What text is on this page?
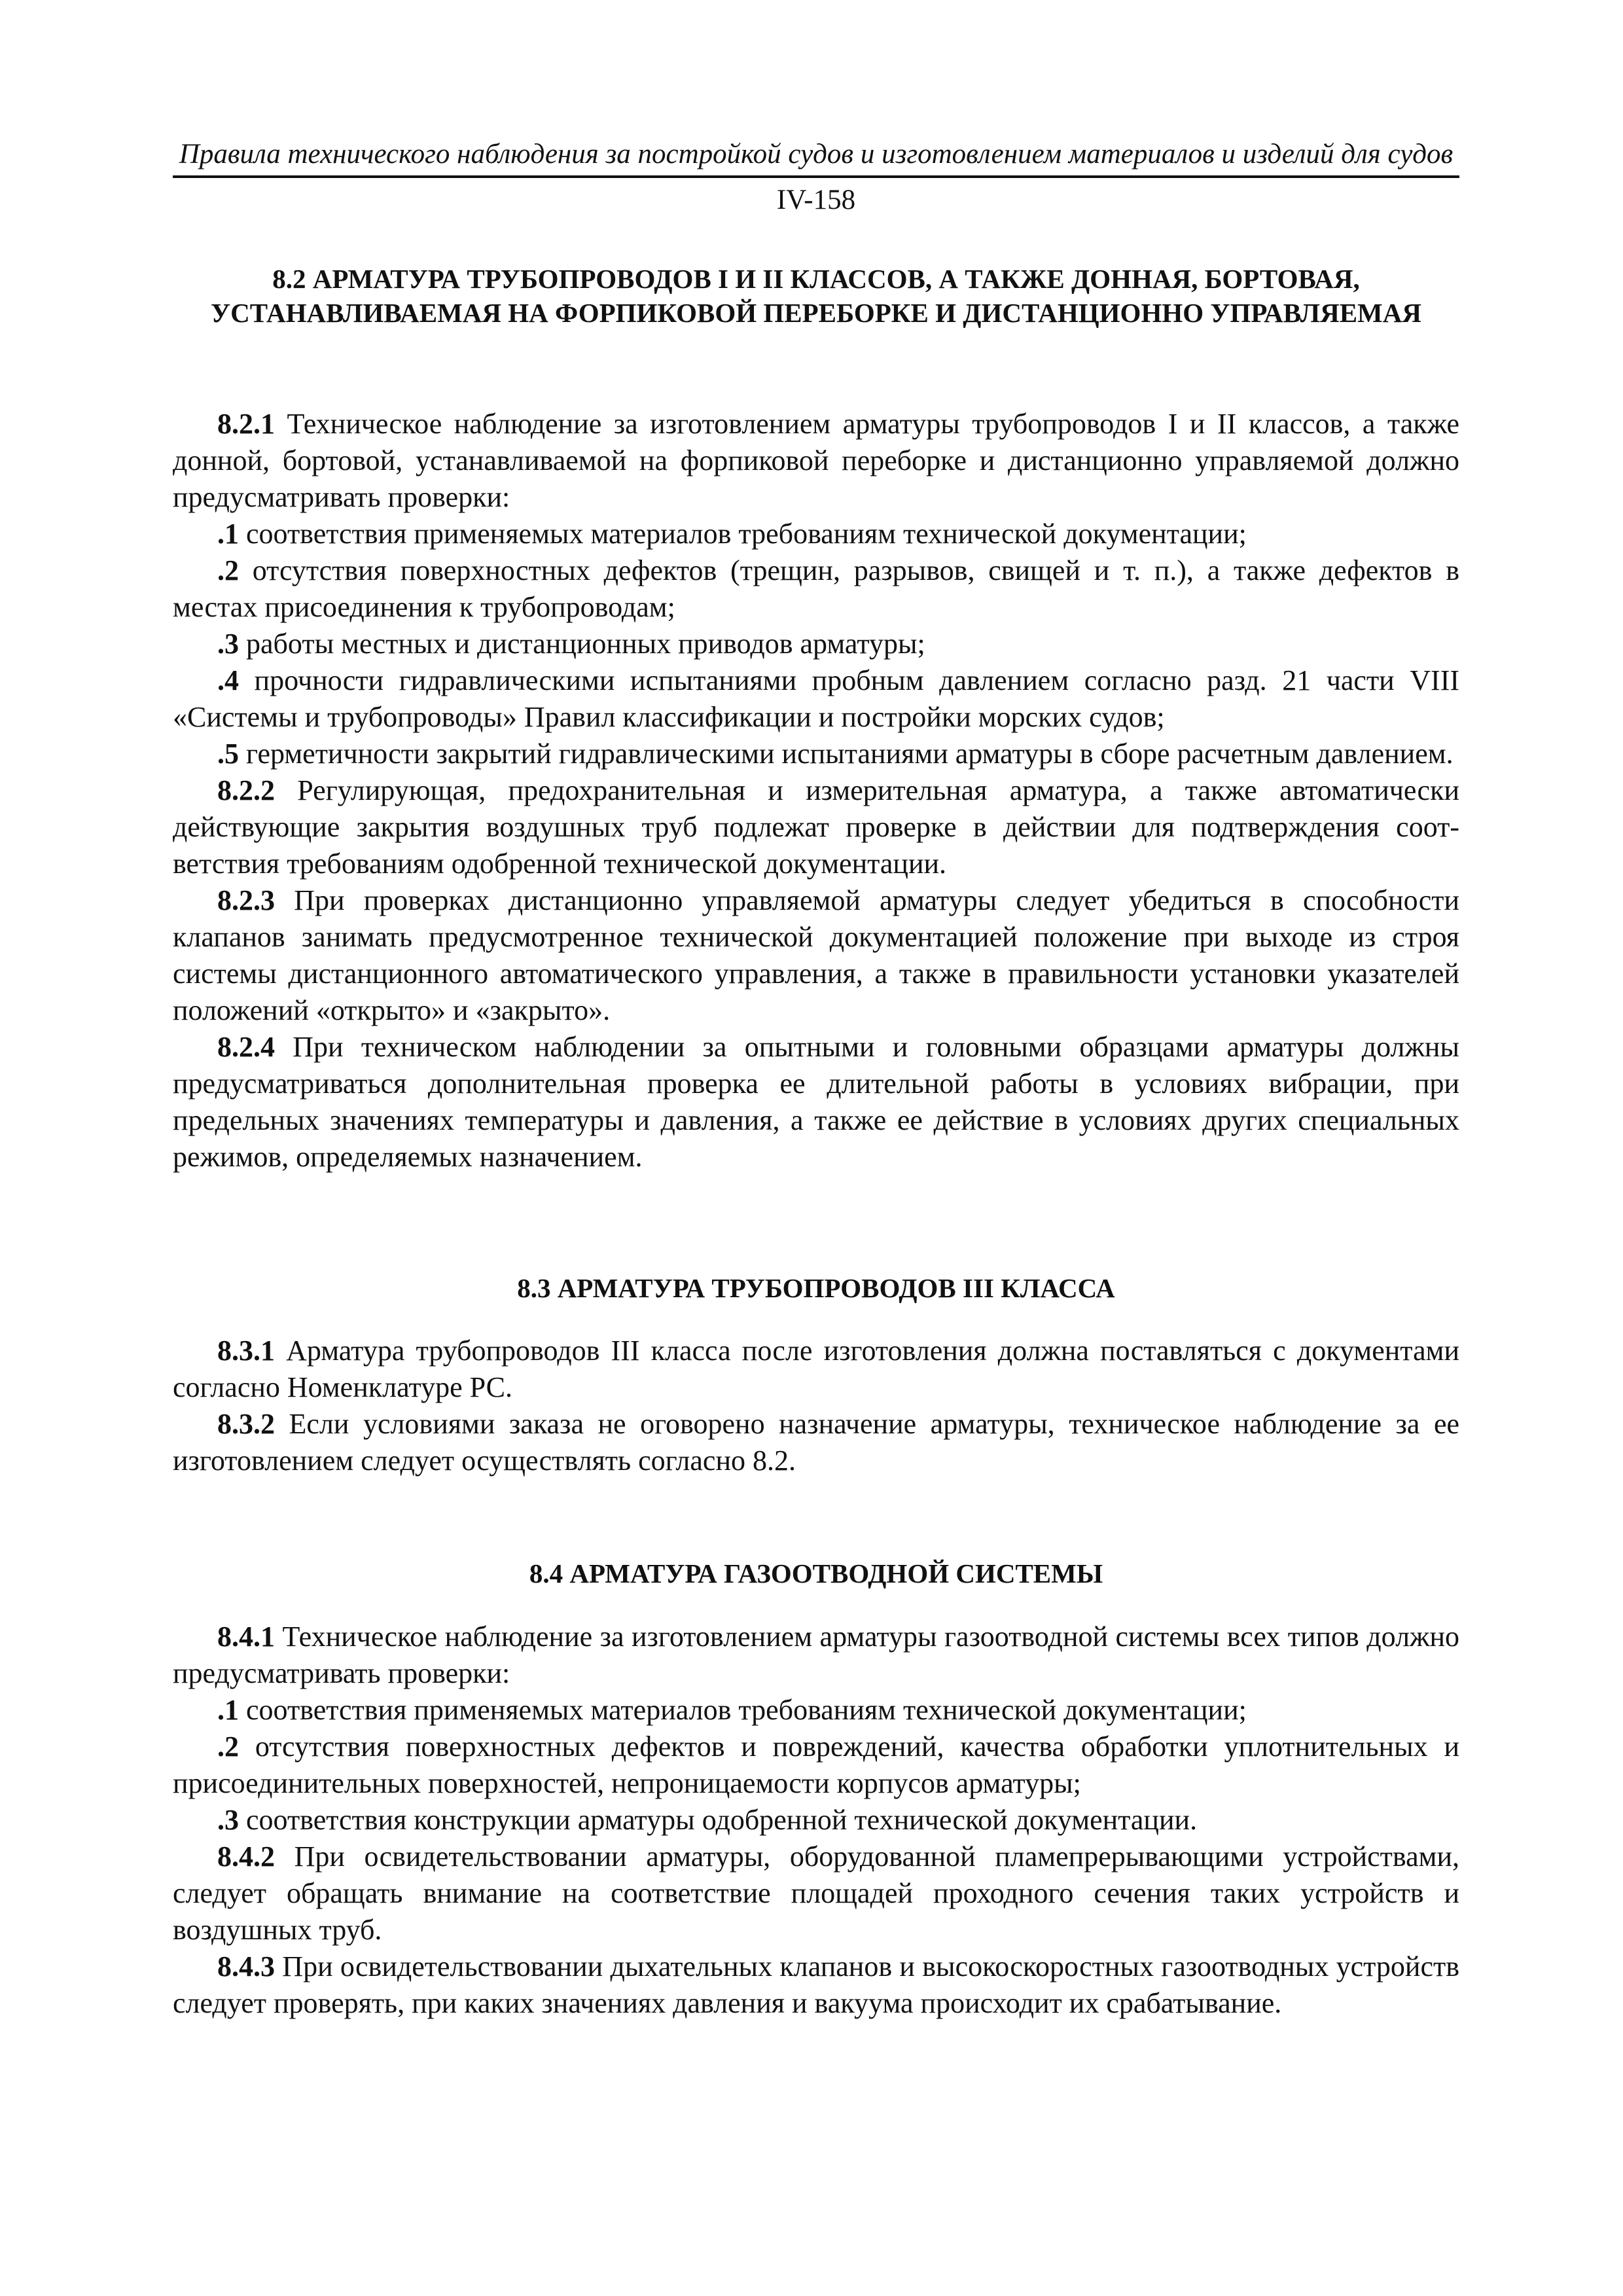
Правила технического наблюдения за постройкой судов и изготовлением материалов и изделий для судов
IV-158

8.2 АРМАТУРА ТРУБОПРОВОДОВ I И II КЛАССОВ, А ТАКЖЕ ДОННАЯ, БОРТОВАЯ,

УСТАНАВЛИВАЕМАЯ НА ФОРПИКОВОЙ ПЕРЕБОРКЕ И ДИСТАНЦИОННО УПРАВЛЯЕМАЯ

8.2.1 Техническое наблюдение за изготовлением арматуры трубопроводов I и II классов, а также донной, бортовой, устанавливаемой на форпиковой переборке и дистанционно управляемой должно предусматривать проверки:

.1 соответствия применяемых материалов требованиям технической документации;

.2 отсутствия поверхностных дефектов (трещин, разрывов, свищей и т. п.), а также дефектов в местах присоединения к трубопроводам;

.3 работы местных и дистанционных приводов арматуры;

.4 прочности гидравлическими испытаниями пробным давлением согласно разд. 21 части VIII «Системы и трубопроводы» Правил классификации и постройки морских судов;

.5 герметичности закрытий гидравлическими испытаниями арматуры в сборе расчетным давлением.

8.2.2 Регулирующая, предохранительная и измерительная арматура, а также автоматически действующие закрытия воздушных труб подлежат проверке в действии для подтверждения соот-ветствия требованиям одобренной технической документации.

8.2.3 При проверках дистанционно управляемой арматуры следует убедиться в способности клапанов занимать предусмотренное технической документацией положение при выходе из строя системы дистанционного автоматического управления, а также в правильности установки указателей положений «открыто» и «закрыто».

8.2.4 При техническом наблюдении за опытными и головными образцами арматуры должны предусматриваться дополнительная проверка ее длительной работы в условиях вибрации, при предельных значениях температуры и давления, а также ее действие в условиях других специальных режимов, определяемых назначением.

8.3 АРМАТУРА ТРУБОПРОВОДОВ III КЛАССА

8.3.1 Арматура трубопроводов III класса после изготовления должна поставляться с документами согласно Номенклатуре РС.

8.3.2 Если условиями заказа не оговорено назначение арматуры, техническое наблюдение за ее изготовлением следует осуществлять согласно 8.2.

8.4 АРМАТУРА ГАЗООТВОДНОЙ СИСТЕМЫ

8.4.1 Техническое наблюдение за изготовлением арматуры газоотводной системы всех типов должно предусматривать проверки:

.1 соответствия применяемых материалов требованиям технической документации;

.2 отсутствия поверхностных дефектов и повреждений, качества обработки уплотнительных и присоединительных поверхностей, непроницаемости корпусов арматуры;

.3 соответствия конструкции арматуры одобренной технической документации.

8.4.2 При освидетельствовании арматуры, оборудованной пламепрерывающими устройствами, следует обращать внимание на соответствие площадей проходного сечения таких устройств и воздушных труб.

8.4.3 При освидетельствовании дыхательных клапанов и высокоскоростных газоотводных устройств следует проверять, при каких значениях давления и вакуума происходит их срабатывание.
